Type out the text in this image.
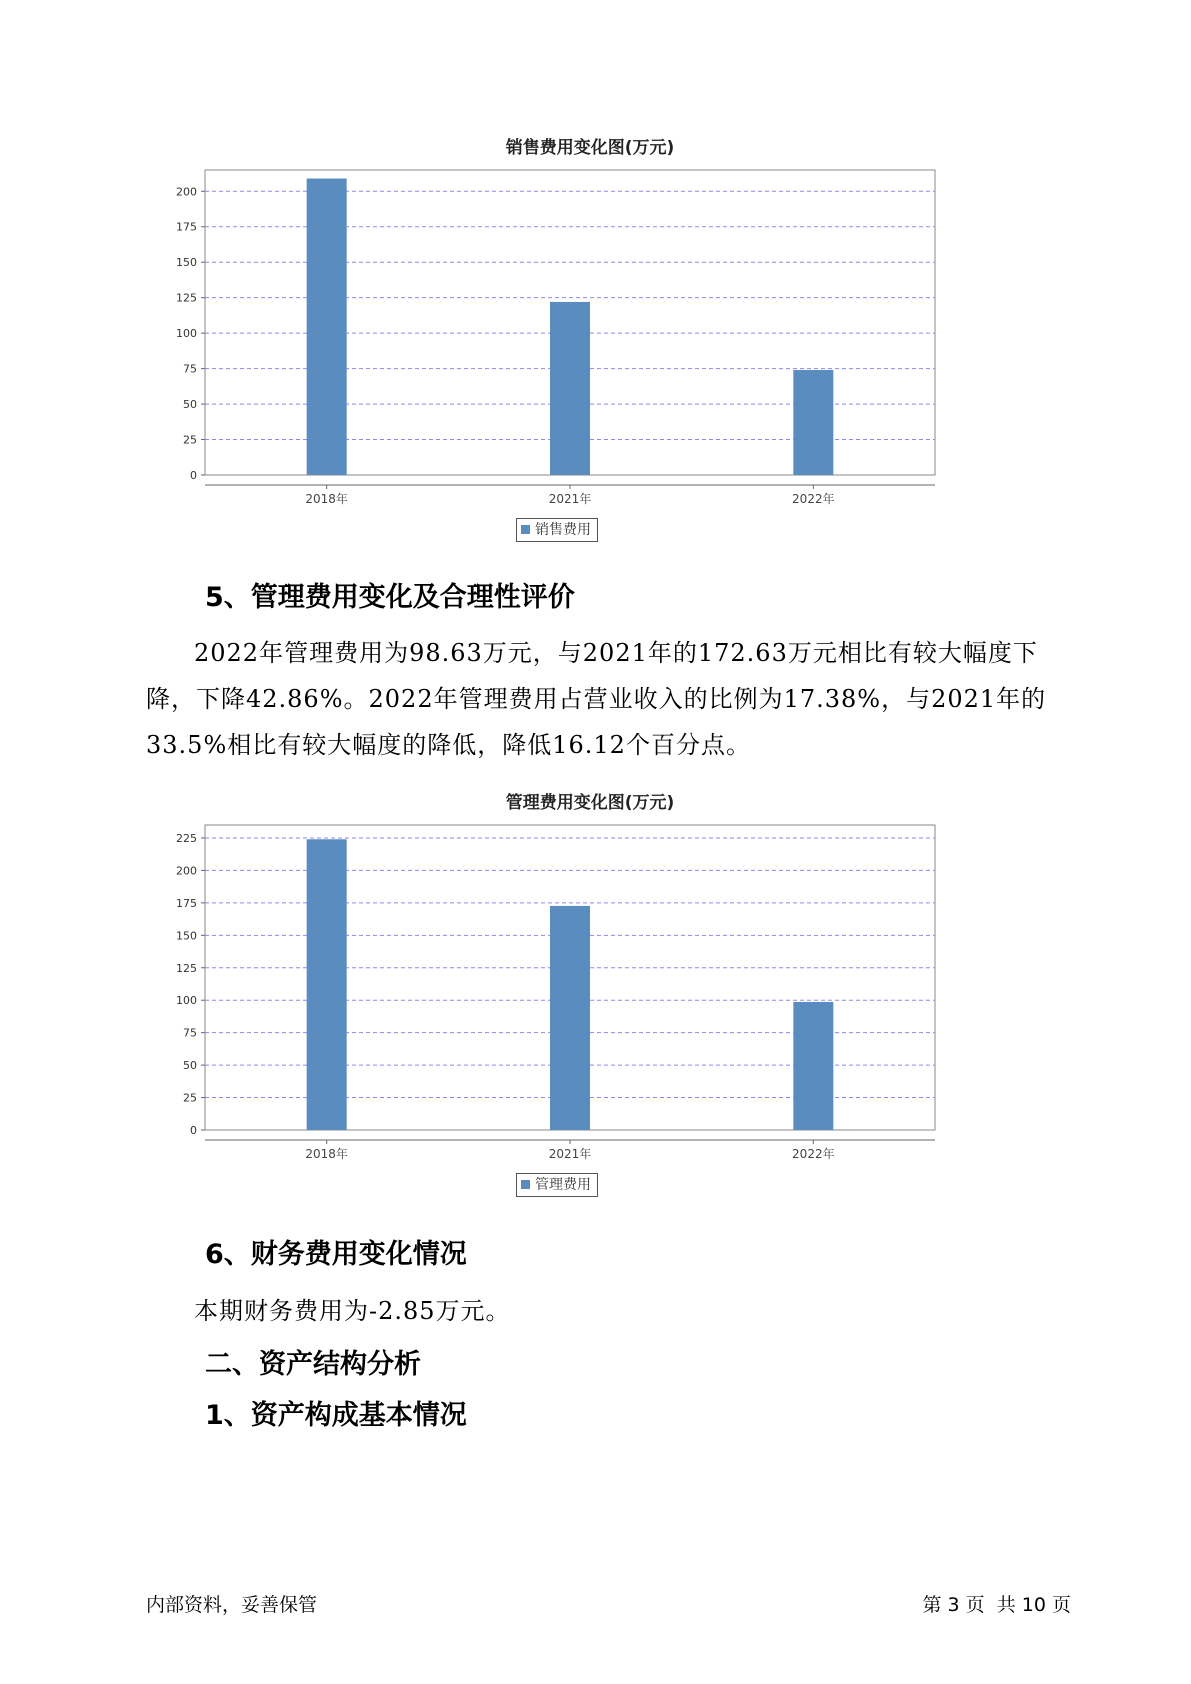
销售费用变化图(万元)
0
25
50
75
100
125
150
175
200
2018年	2021年	2022年
销售费用
5、管理费用变化及合理性评价

2022年管理费用为98.63万元，与2021年的172.63万元相比有较大幅度下降，下降42.86%。2022年管理费用占营业收入的比例为17.38%，与2021年的33.5%相比有较大幅度的降低，降低16.12个百分点。

管理费用变化图(万元)
0
25
50
75
100
125
150
175
200
225
2018年	2021年	2022年
管理费用
6、财务费用变化情况

本期财务费用为-2.85万元。

二、资产结构分析
1、资产构成基本情况
内部资料，妥善保管	第 3 页  共 10 页
